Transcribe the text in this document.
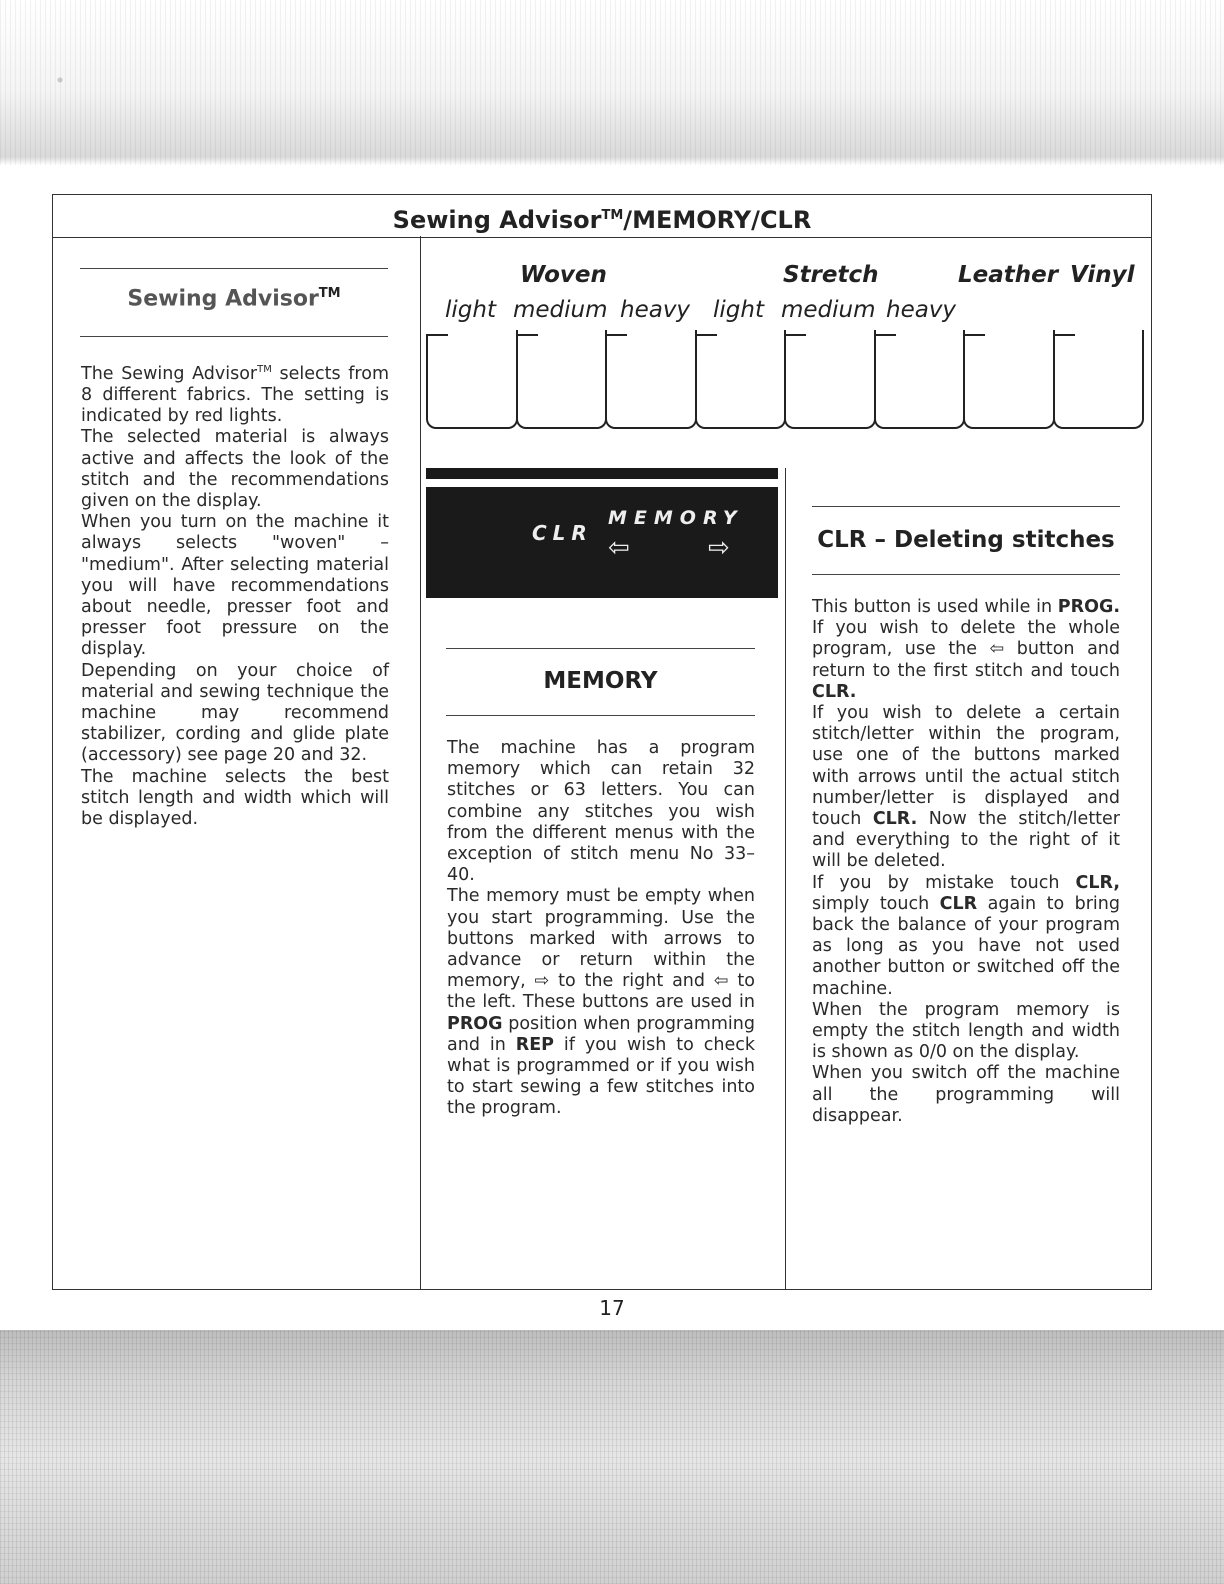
Sewing Advisor™/MEMORY/CLR
Woven	Stretch	Leather Vinyl
light medium heavy light medium heavy
CLR
MEMORY
⇦	⇨
Sewing Advisor™

The Sewing Advisor™ selects from 8 different fabrics. The setting is indicated by red lights.

The selected material is always active and affects the look of the stitch and the recommendations given on the display.

When you turn on the machine it always selects "woven" – "medium". After selecting material you will have recommendations about needle, presser foot and presser foot pressure on the display.

Depending on your choice of material and sewing technique the machine may recommend stabilizer, cording and glide plate (accessory) see page 20 and 32.

The machine selects the best stitch length and width which will be displayed.

MEMORY

The machine has a program memory which can retain 32 stitches or 63 letters. You can combine any stitches you wish from the different menus with the exception of stitch menu No 33–40.

The memory must be empty when you start programming. Use the buttons marked with arrows to advance or return within the memory, ⇨ to the right and ⇦ to the left. These buttons are used in PROG position when programming and in REP if you wish to check what is programmed or if you wish to start sewing a few stitches into the program.

CLR – Deleting stitches

This button is used while in PROG. If you wish to delete the whole program, use the ⇦ button and return to the first stitch and touch CLR.

If you wish to delete a certain stitch/letter within the program, use one of the buttons marked with arrows until the actual stitch number/letter is displayed and touch CLR. Now the stitch/letter and everything to the right of it will be deleted.

If you by mistake touch CLR, simply touch CLR again to bring back the balance of your program as long as you have not used another button or switched off the machine.

When the program memory is empty the stitch length and width is shown as 0/0 on the display.

When you switch off the machine all the programming will disappear.

17
